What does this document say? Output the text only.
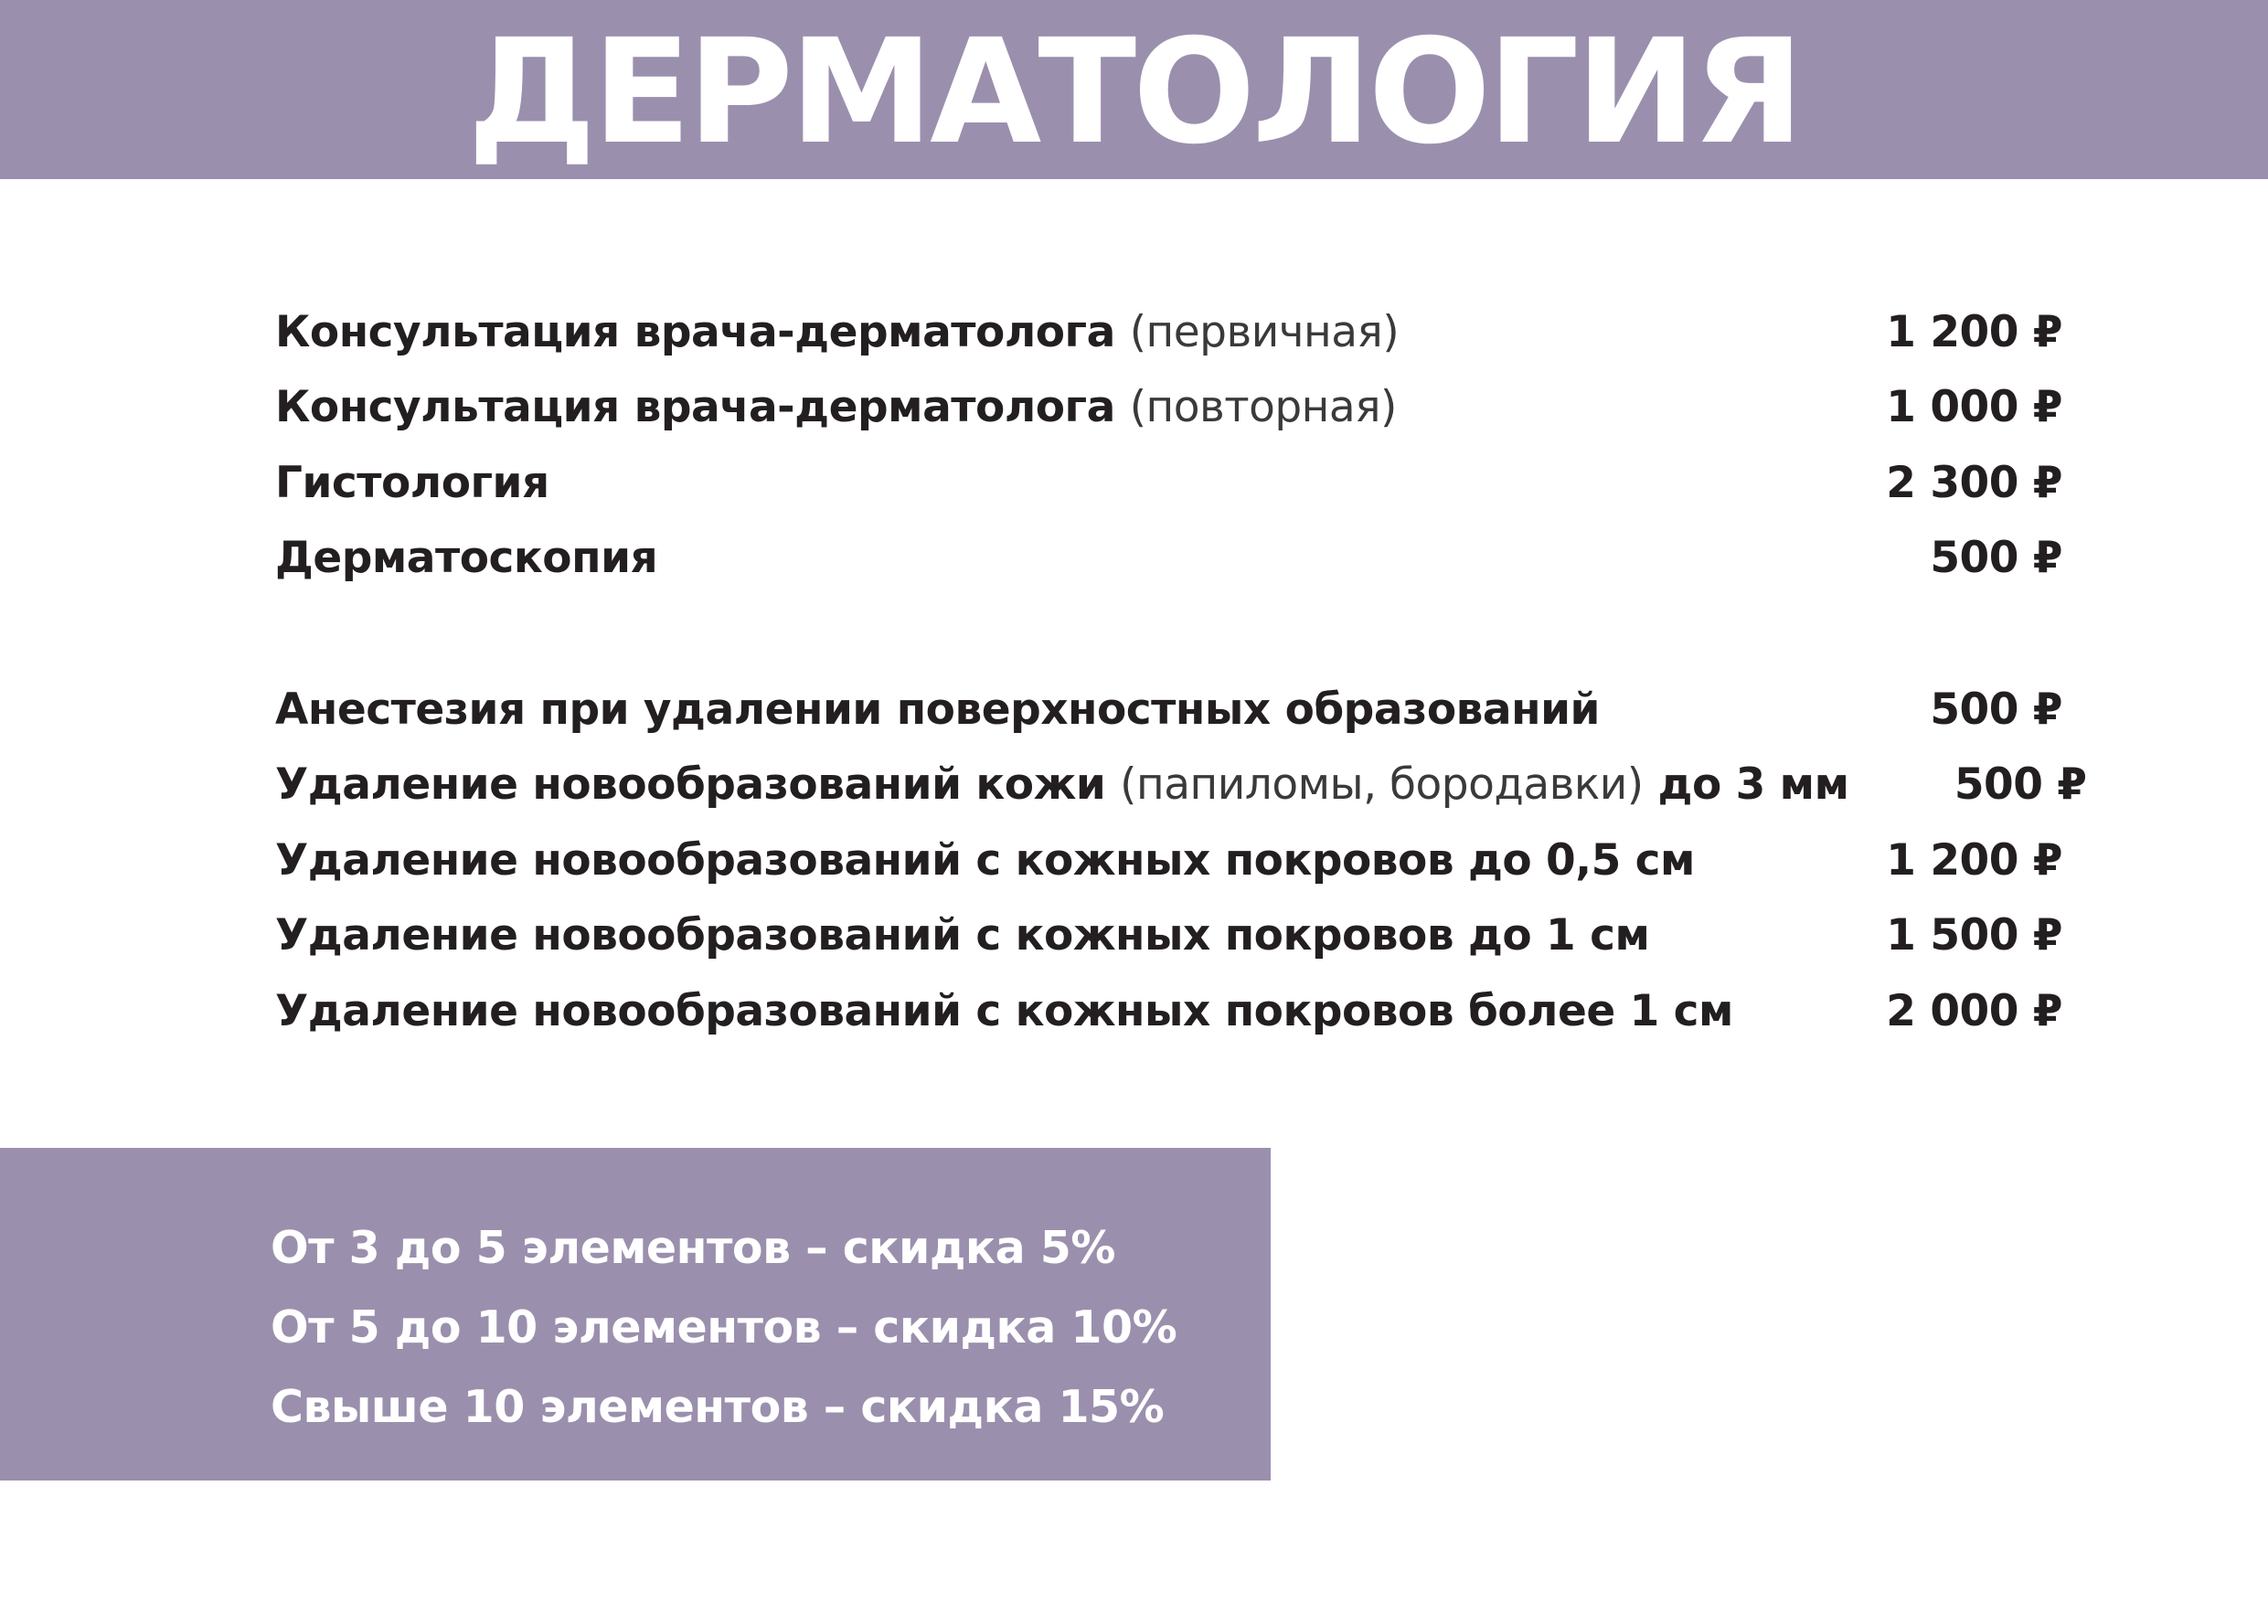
ДЕРМАТОЛОГИЯ
Консультация врача-дерматолога (первичная)	1 200 ₽
Консультация врача-дерматолога (повторная)	1 000 ₽
Гистология	2 300 ₽
Дерматоскопия	500 ₽
Анестезия при удалении поверхностных образований	500 ₽
Удаление новообразований кожи (папиломы, бородавки) до 3 мм	500 ₽
Удаление новообразований с кожных покровов до 0,5 см	1 200 ₽
Удаление новообразований с кожных покровов до 1 см	1 500 ₽
Удаление новообразований с кожных покровов более 1 см	2 000 ₽
От 3 до 5 элементов – скидка 5%
От 5 до 10 элементов – скидка 10%
Свыше 10 элементов – скидка 15%
